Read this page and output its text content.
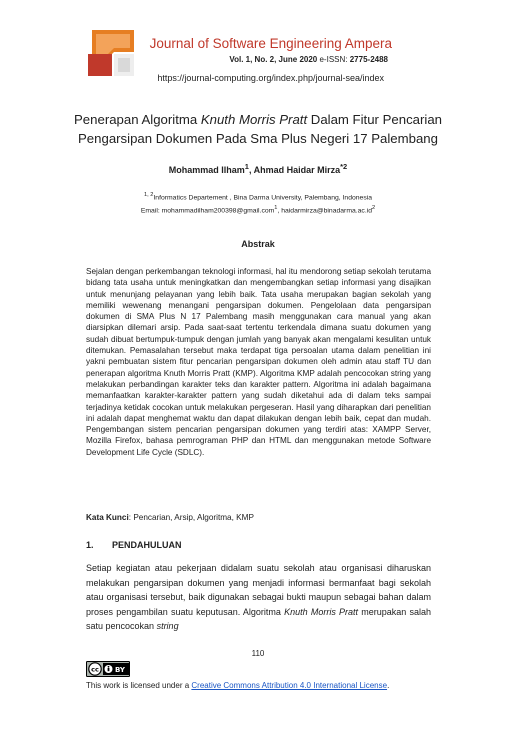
Journal of Software Engineering Ampera
Vol. 1, No. 2, June 2020 e-ISSN: 2775-2488
https://journal-computing.org/index.php/journal-sea/index
Penerapan Algoritma Knuth Morris Pratt Dalam Fitur Pencarian Pengarsipan Dokumen Pada Sma Plus Negeri 17 Palembang
Mohammad Ilham$^1$, Ahmad Haidar Mirza$^{*2}$
$^{1, 2}$Informatics Departement , Bina Darma University, Palembang, Indonesia
Email: mohammadilham200398@gmail.com$^1$, $haidarmirza@binadarma.ac.id^2$
Abstrak
Sejalan dengan perkembangan teknologi informasi, hal itu mendorong setiap sekolah terutama bidang tata usaha untuk meningkatkan dan mengembangkan setiap informasi yang disajikan untuk menunjang pelayanan yang lebih baik. Tata usaha merupakan bagian sekolah yang memiliki wewenang menangani pengarsipan dokumen. Pengelolaan data pengarsipan dokumen di SMA Plus N 17 Palembang masih menggunakan cara manual yang akan diarsipkan dilemari arsip. Pada saat-saat tertentu terkendala dimana suatu dokumen yang sudah dibuat bertumpuk-tumpuk dengan jumlah yang banyak akan mengalami kesulitan untuk ditemukan. Pemasalahan tersebut maka terdapat tiga persoalan utama dalam penelitian ini yakni pembuatan sistem fitur pencarian pengarsipan dokumen oleh admin atau staff TU dan penerapan algoritma Knuth Morris Pratt (KMP). Algoritma KMP adalah pencocokan string yang melakukan perbandingan karakter teks dan karakter pattern. Algoritma ini adalah bagaimana memanfaatkan karakter-karakter pattern yang sudah diketahui ada di dalam teks sampai terjadinya ketidak cocokan untuk melakukan pergeseran. Hasil yang diharapkan dari penelitian ini adalah dapat menghemat waktu dan dapat dilakukan dengan lebih baik, cepat dan mudah. Pengembangan sistem pencarian pengarsipan dokumen yang terdiri atas: XAMPP Server, Mozilla Firefox, bahasa pemrograman PHP dan HTML dan menggunakan metode Software Development Life Cycle (SDLC).
Kata Kunci: Pencarian, Arsip, Algoritma, KMP
1. PENDAHULUAN
Setiap kegiatan atau pekerjaan didalam suatu sekolah atau organisasi diharuskan melakukan pengarsipan dokumen yang menjadi informasi bermanfaat bagi sekolah atau organisasi tersebut, baik digunakan sebagai bukti maupun sebagai bahan dalam proses pengambilan suatu keputusan. Algoritma Knuth Morris Pratt merupakan salah satu pencocokan string
110
cc BY
This work is licensed under a Creative Commons Attribution 4.0 International License.
